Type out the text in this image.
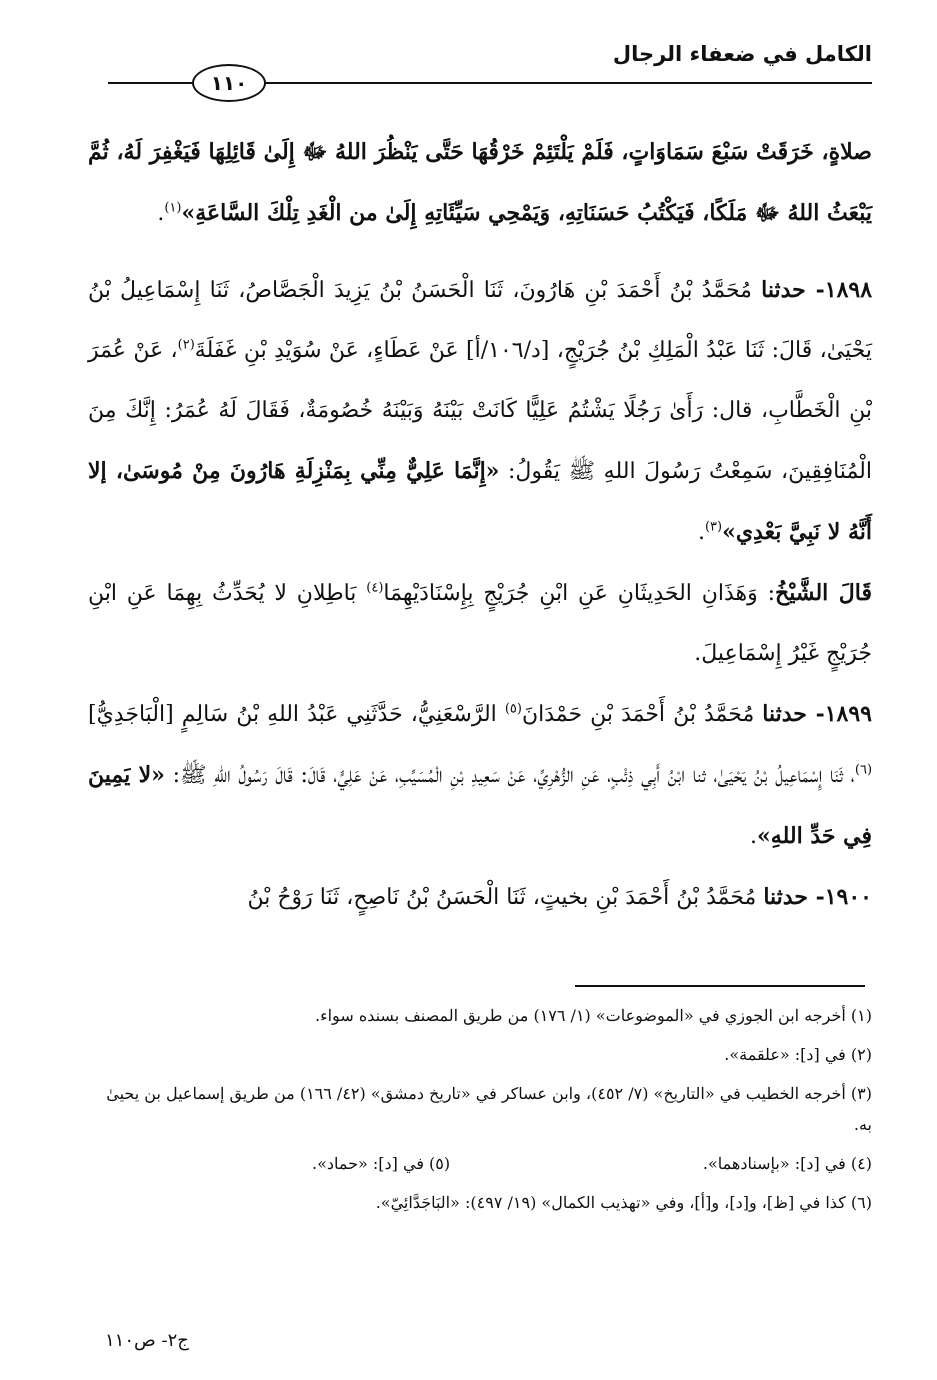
الكامل في ضعفاء الرجال
١١٠

صلاةٍ، خَرَقَتْ سَبْعَ سَمَاوَاتٍ، فَلَمْ يَلْتَئِمْ خَرْقُهَا حَتَّى يَنْظُرَ اللهُ ﷻ إِلَىٰ قَائِلِهَا فَيَغْفِرَ لَهُ، ثُمَّ يَبْعَثُ اللهُ ﷻ مَلَكًا، فَيَكْتُبُ حَسَنَاتِهِ، وَيَمْحِي سَيِّئَاتِهِ إِلَىٰ من الْغَدِ تِلْكَ السَّاعَةِ»$^{(١)}$.

١٨٩٨- حدثنا مُحَمَّدُ بْنُ أَحْمَدَ بْنِ هَارُونَ، ثَنَا الْحَسَنُ بْنُ يَزِيدَ الْجَصَّاصُ، ثَنَا إِسْمَاعِيلُ بْنُ يَحْيَىٰ، قَالَ: ثَنَا عَبْدُ الْمَلِكِ بْنُ جُرَيْجٍ، [د/١٠٦/أ] عَنْ عَطَاءٍ، عَنْ سُوَيْدِ بْنِ غَفَلَةَ$^{(٢)}$، عَنْ عُمَرَ بْنِ الْخَطَّابِ، قال: رَأَىٰ رَجُلًا يَشْتُمُ عَلِيًّا كَانَتْ بَيْنَهُ وَبَيْنَهُ خُصُومَةٌ، فَقَالَ لَهُ عُمَرُ: إِنَّكَ مِنَ الْمُنَافِقِينَ، سَمِعْتُ رَسُولَ اللهِ ﷺ يَقُولُ: «إِنَّمَا عَلِيٌّ مِنِّي بِمَنْزِلَةِ هَارُونَ مِنْ مُوسَىٰ، إلا أَنَّهُ لا نَبِيَّ بَعْدِي»$^{(٣)}$.

قَالَ الشَّيْخُ: وَهَذَانِ الحَدِيثَانِ عَنِ ابْنِ جُرَيْجٍ بِإِسْنَادَيْهِمَا$^{(٤)}$ بَاطِلانِ لا يُحَدِّثُ بِهِمَا عَنِ ابْنِ جُرَيْجٍ غَيْرُ إِسْمَاعِيلَ.

١٨٩٩- حدثنا مُحَمَّدُ بْنُ أَحْمَدَ بْنِ حَمْدَانَ$^{(٥)}$ الرَّسْعَنِيُّ، حَدَّثَنِي عَبْدُ اللهِ بْنُ سَالِمٍ [الْبَاجَدِيُّ]$^{(٦)}$، ثَنَا إِسْمَاعِيلُ بْنُ يَحْيَىٰ، ثنا ابْنُ أَبِي ذِئْبٍ، عَنِ الزُّهْرِيِّ، عَنْ سَعِيدِ بْنِ الْمُسَيِّبِ، عَنْ عَلِيٍّ، قَالَ: قَالَ رَسُولُ اللهِ ﷺ: «لا يَمِينَ فِي حَدِّ اللهِ».

١٩٠٠- حدثنا مُحَمَّدُ بْنُ أَحْمَدَ بْنِ بخيتٍ، ثَنَا الْحَسَنُ بْنُ نَاصِحٍ، ثَنَا رَوْحُ بْنُ

(١) أخرجه ابن الجوزي في «الموضوعات» (١/ ١٧٦) من طريق المصنف بسنده سواء.

(٢) في [د]: «علقمة».

(٣) أخرجه الخطيب في «التاريخ» (٧/ ٤٥٢)، وابن عساكر في «تاريخ دمشق» (٤٢/ ١٦٦) من طريق إسماعيل بن يحيىٰ به.

(٤) في [د]: «بإسنادهما».

(٥) في [د]: «حماد».

(٦) كذا في [ظ]، و[د]، و[أ]، وفي «تهذيب الكمال» (١٩/ ٤٩٧): «البَاجَدَّائِيّ».

ج٢- ص١١٠
